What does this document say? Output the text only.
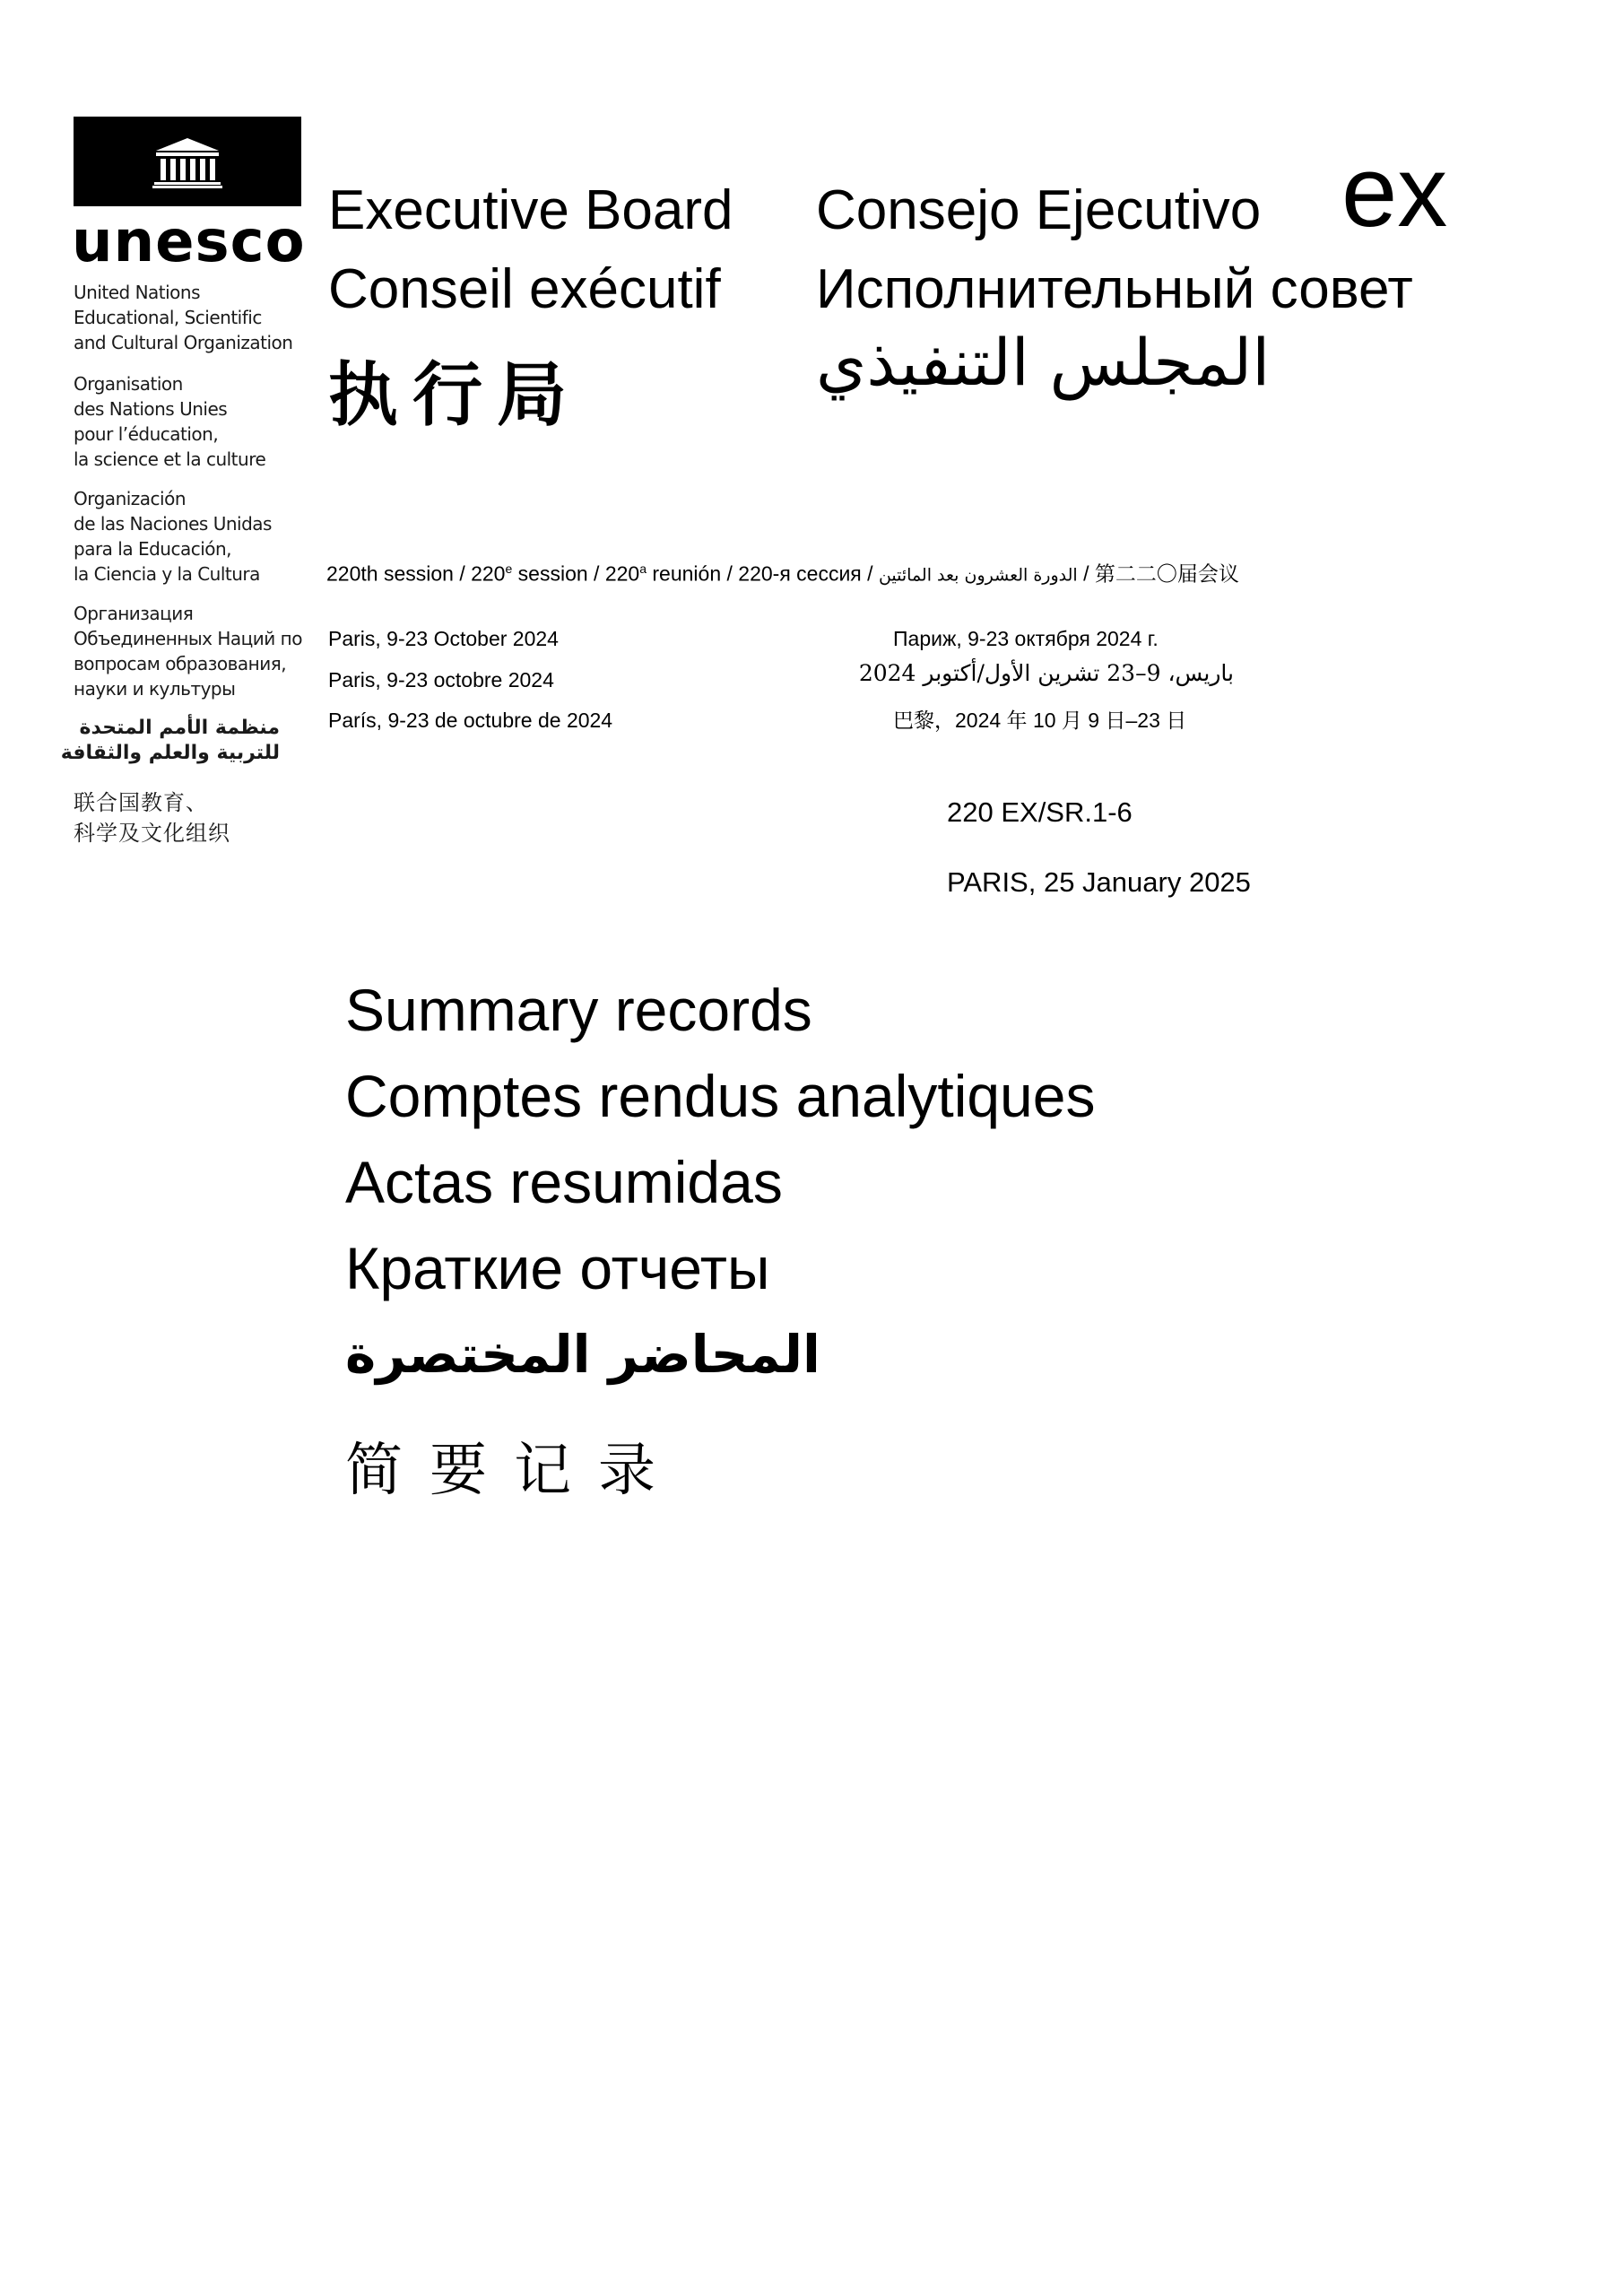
unesco
United Nations
Educational, Scientific
and Cultural Organization
Organisation
des Nations Unies
pour l’éducation,
la science et la culture
Organización
de las Naciones Unidas
para la Educación,
la Ciencia y la Cultura
Организация
Объединенных Наций по
вопросам образования,
науки и культуры
منظمة الأمم المتحدة
للتربية والعلم والثقافة
联合国教育、
科学及文化组织
Executive Board Consejo Ejecutivo ex
Conseil exécutif Исполнительный совет
执行局	المجلس التنفيذي
220th session / 220e session / 220$^a$ reunión / 220-я сессия / الدورة العشرون بعد المائتين / 第二二〇届会议
Paris, 9-23 October 2024
Paris, 9-23 octobre 2024
París, 9-23 de octubre de 2024
Париж, 9-23 октября 2024 г.
باريس، 9–23 تشرين الأول/أكتوبر 2024
巴黎，2024 年 10 月 9 日–23 日
220 EX/SR.1-6
PARIS, 25 January 2025
Summary records
Comptes rendus analytiques
Actas resumidas
Краткие отчеты
المحاضر المختصرة
简要记录
